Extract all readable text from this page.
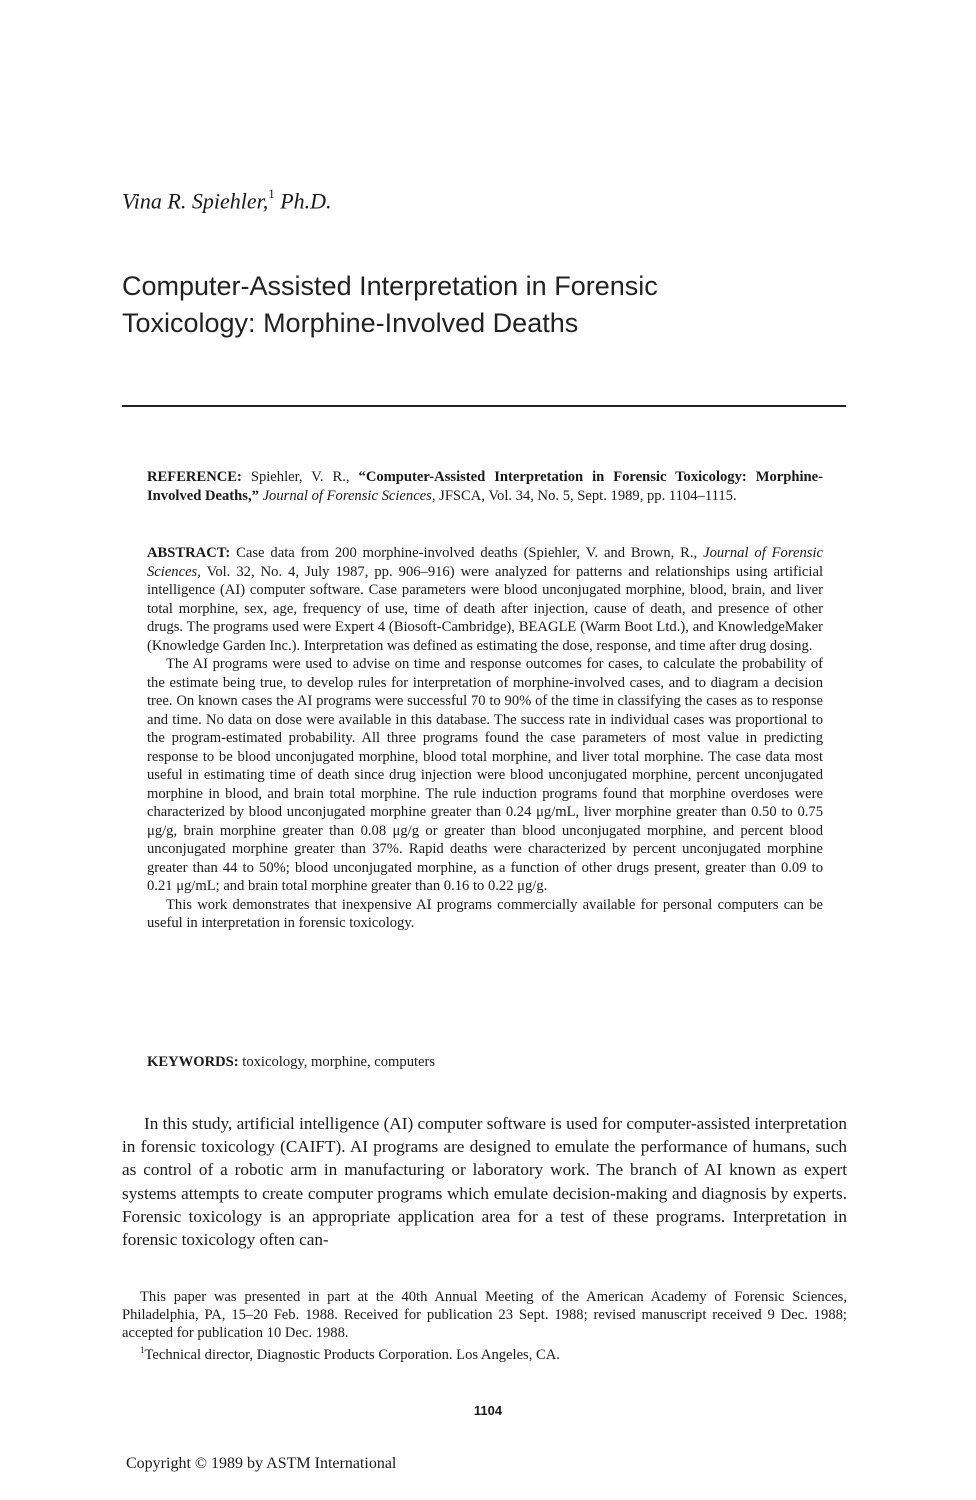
Vina R. Spiehler,$^1$ Ph.D.
Computer-Assisted Interpretation in Forensic
Toxicology: Morphine-Involved Deaths

REFERENCE: Spiehler, V. R., “Computer-Assisted Interpretation in Forensic Toxicology: Morphine-Involved Deaths,” Journal of Forensic Sciences, JFSCA, Vol. 34, No. 5, Sept. 1989, pp. 1104–1115.

ABSTRACT: Case data from 200 morphine-involved deaths (Spiehler, V. and Brown, R., Journal of Forensic Sciences, Vol. 32, No. 4, July 1987, pp. 906–916) were analyzed for patterns and relationships using artificial intelligence (AI) computer software. Case parameters were blood unconjugated morphine, blood, brain, and liver total morphine, sex, age, frequency of use, time of death after injection, cause of death, and presence of other drugs. The programs used were Expert 4 (Biosoft-Cambridge), BEAGLE (Warm Boot Ltd.), and KnowledgeMaker (Knowledge Garden Inc.). Interpretation was defined as estimating the dose, response, and time after drug dosing.

The AI programs were used to advise on time and response outcomes for cases, to calculate the probability of the estimate being true, to develop rules for interpretation of morphine-involved cases, and to diagram a decision tree. On known cases the AI programs were successful 70 to 90% of the time in classifying the cases as to response and time. No data on dose were available in this database. The success rate in individual cases was proportional to the program-estimated probability. All three programs found the case parameters of most value in predicting response to be blood unconjugated morphine, blood total morphine, and liver total morphine. The case data most useful in estimating time of death since drug injection were blood unconjugated morphine, percent unconjugated morphine in blood, and brain total morphine. The rule induction programs found that morphine overdoses were characterized by blood unconjugated morphine greater than 0.24 μg/mL, liver morphine greater than 0.50 to 0.75 μg/g, brain morphine greater than 0.08 μg/g or greater than blood unconjugated morphine, and percent blood unconjugated morphine greater than 37%. Rapid deaths were characterized by percent unconjugated morphine greater than 44 to 50%; blood unconjugated morphine, as a function of other drugs present, greater than 0.09 to 0.21 μg/mL; and brain total morphine greater than 0.16 to 0.22 μg/g.

This work demonstrates that inexpensive AI programs commercially available for personal computers can be useful in interpretation in forensic toxicology.

KEYWORDS: toxicology, morphine, computers

In this study, artificial intelligence (AI) computer software is used for computer-assisted interpretation in forensic toxicology (CAIFT). AI programs are designed to emulate the performance of humans, such as control of a robotic arm in manufacturing or laboratory work. The branch of AI known as expert systems attempts to create computer programs which emulate decision-making and diagnosis by experts. Forensic toxicology is an appropriate application area for a test of these programs. Interpretation in forensic toxicology often can-

This paper was presented in part at the 40th Annual Meeting of the American Academy of Forensic Sciences, Philadelphia, PA, 15–20 Feb. 1988. Received for publication 23 Sept. 1988; revised manuscript received 9 Dec. 1988; accepted for publication 10 Dec. 1988.

$^1$Technical director, Diagnostic Products Corporation. Los Angeles, CA.

1104
Copyright © 1989 by ASTM International
